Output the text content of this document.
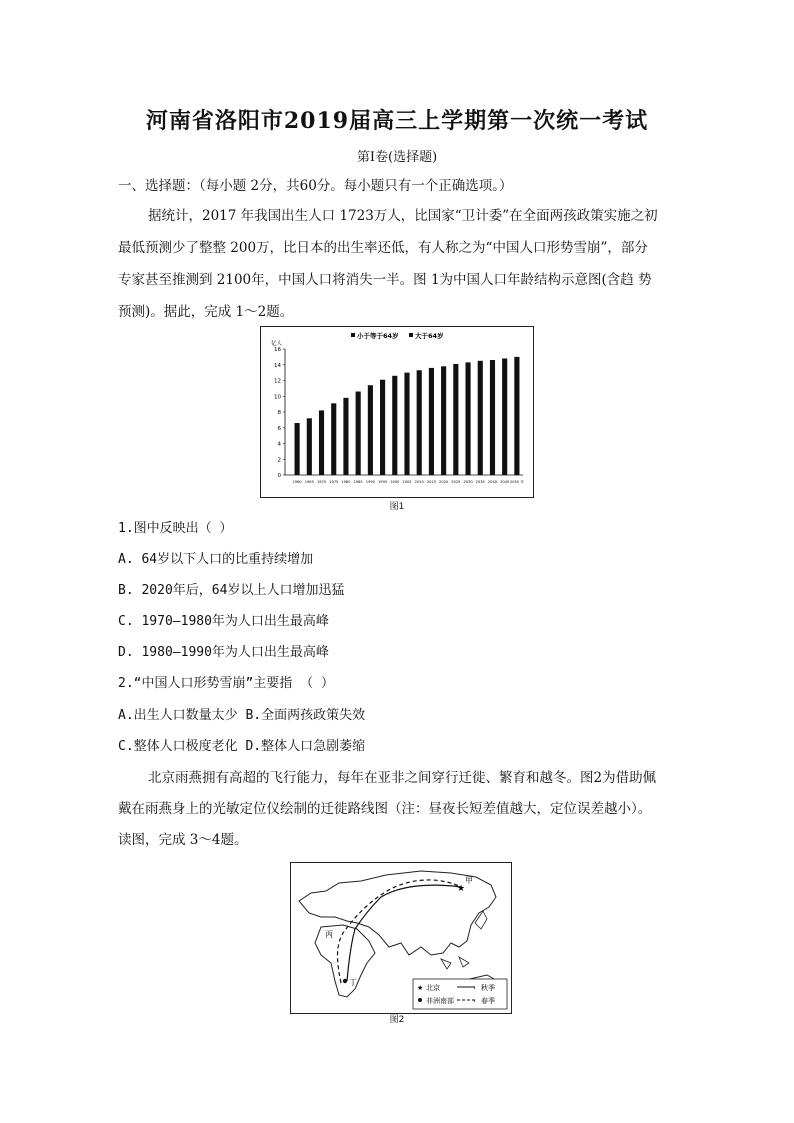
河南省洛阳市2019届高三上学期第一次统一考试
第Ⅰ卷(选择题)
一、选择题：（每小题 2分，共60分。每小题只有一个正确选项。）
据统计，2017 年我国出生人口 1723万人，比国家“卫计委”在全面两孩政策实施之初
最低预测少了整整 200万，比日本的出生率还低，有人称之为“中国人口形势雪崩”，部分
专家甚至推测到 2100年，中国人口将消失一半。图 1为中国人口年龄结构示意图(含趋 势
预测)。据此，完成 1～2题。
小于等于64岁	大于64岁
亿人
0
2
4
6
8
10
12
14
16
1960 1965 1970 1975 1980 1985 1990 1995 2000 2005 2010 2015 2020 2025 2030 2035 2040 2045 2050 年
图1
1.图中反映出（ ）
A. 64岁以下人口的比重持续增加
B. 2020年后，64岁以上人口增加迅猛
C. 1970—1980年为人口出生最高峰
D. 1980—1990年为人口出生最高峰
2.“中国人口形势雪崩”主要指 （ ）
A.出生人口数量太少 B.全面两孩政策失效
C.整体人口极度老化 D.整体人口急剧萎缩
北京雨燕拥有高超的飞行能力，每年在亚非之间穿行迁徙、繁育和越冬。图2为借助佩
戴在雨燕身上的光敏定位仪绘制的迁徙路线图（注：昼夜长短差值越大，定位误差越小）。
读图，完成 3～4题。
★
甲
丙
丁
★ 北京	› 秋季
非洲南部	› 春季
图2
